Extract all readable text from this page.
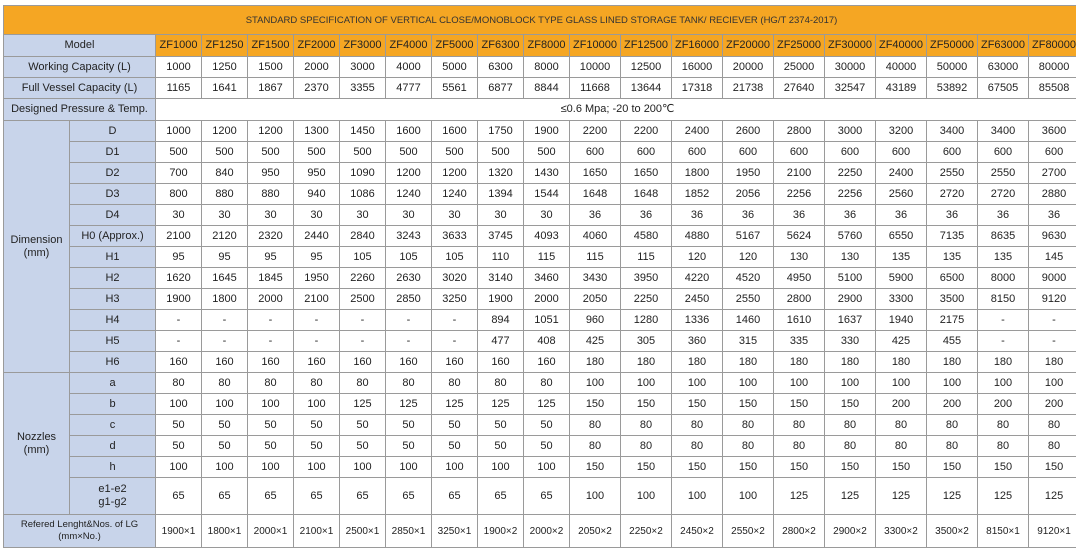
STANDARD SPECIFICATION OF VERTICAL CLOSE/MONOBLOCK TYPE GLASS LINED STORAGE TANK/ RECIEVER (HG/T 2374-2017)																				
Model		ZF1000	ZF1250	ZF1500	ZF2000	ZF3000	ZF4000	ZF5000	ZF6300	ZF8000	ZF10000	ZF12500	ZF16000	ZF20000	ZF25000	ZF30000	ZF40000	ZF50000	ZF63000	ZF80000
Working Capacity (L)		1000	1250	1500	2000	3000	4000	5000	6300	8000	10000	12500	16000	20000	25000	30000	40000	50000	63000	80000
Full Vessel Capacity (L)		1165	1641	1867	2370	3355	4777	5561	6877	8844	11668	13644	17318	21738	27640	32547	43189	53892	67505	85508
Designed Pressure & Temp.		≤0.6 Mpa; -20 to 200℃																		
Dimension
(mm)	D	1000	1200	1200	1300	1450	1600	1600	1750	1900	2200	2200	2400	2600	2800	3000	3200	3400	3400	3600
	D1	500	500	500	500	500	500	500	500	500	600	600	600	600	600	600	600	600	600	600
	D2	700	840	950	950	1090	1200	1200	1320	1430	1650	1650	1800	1950	2100	2250	2400	2550	2550	2700
	D3	800	880	880	940	1086	1240	1240	1394	1544	1648	1648	1852	2056	2256	2256	2560	2720	2720	2880
	D4	30	30	30	30	30	30	30	30	30	36	36	36	36	36	36	36	36	36	36
	H0 (Approx.)	2100	2120	2320	2440	2840	3243	3633	3745	4093	4060	4580	4880	5167	5624	5760	6550	7135	8635	9630
	H1	95	95	95	95	105	105	105	110	115	115	115	120	120	130	130	135	135	135	145
	H2	1620	1645	1845	1950	2260	2630	3020	3140	3460	3430	3950	4220	4520	4950	5100	5900	6500	8000	9000
	H3	1900	1800	2000	2100	2500	2850	3250	1900	2000	2050	2250	2450	2550	2800	2900	3300	3500	8150	9120
	H4	-	-	-	-	-	-	-	894	1051	960	1280	1336	1460	1610	1637	1940	2175	-	-
	H5	-	-	-	-	-	-	-	477	408	425	305	360	315	335	330	425	455	-	-
	H6	160	160	160	160	160	160	160	160	160	180	180	180	180	180	180	180	180	180	180
Nozzles
(mm)	a	80	80	80	80	80	80	80	80	80	100	100	100	100	100	100	100	100	100	100
	b	100	100	100	100	125	125	125	125	125	150	150	150	150	150	150	200	200	200	200
	c	50	50	50	50	50	50	50	50	50	80	80	80	80	80	80	80	80	80	80
	d	50	50	50	50	50	50	50	50	50	80	80	80	80	80	80	80	80	80	80
	h	100	100	100	100	100	100	100	100	100	150	150	150	150	150	150	150	150	150	150
	e1-e2
g1-g2	65	65	65	65	65	65	65	65	65	100	100	100	100	125	125	125	125	125	125
Refered Lenght&Nos. of LG
(mm×No.)		1900×1	1800×1	2000×1	2100×1	2500×1	2850×1	3250×1	1900×2	2000×2	2050×2	2250×2	2450×2	2550×2	2800×2	2900×2	3300×2	3500×2	8150×1	9120×1
